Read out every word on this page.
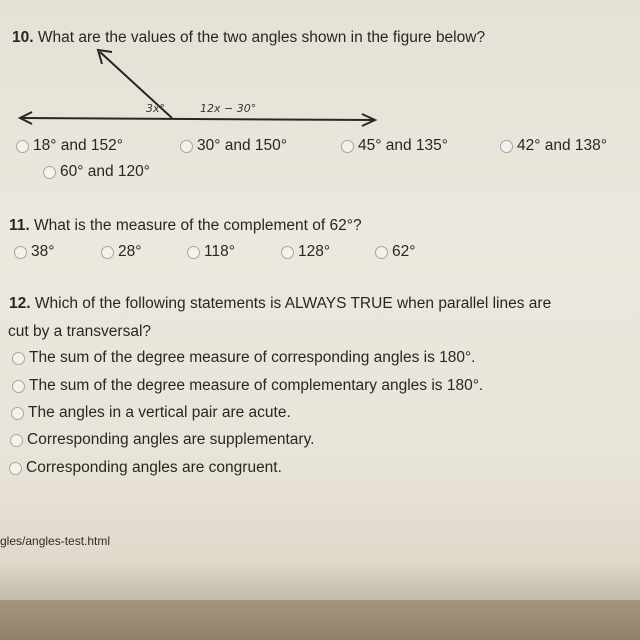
10. What are the values of the two angles shown in the figure below?
3x°	12x − 30°
18° and 152°	30° and 150°	45° and 135°	42° and 138°
60° and 120°
11. What is the measure of the complement of 62°?
38°	28°	118°	128°	62°
12. Which of the following statements is ALWAYS TRUE when parallel lines are
cut by a transversal?
The sum of the degree measure of corresponding angles is 180°.
The sum of the degree measure of complementary angles is 180°.
The angles in a vertical pair are acute.
Corresponding angles are supplementary.
Corresponding angles are congruent.
gles/angles-test.html
